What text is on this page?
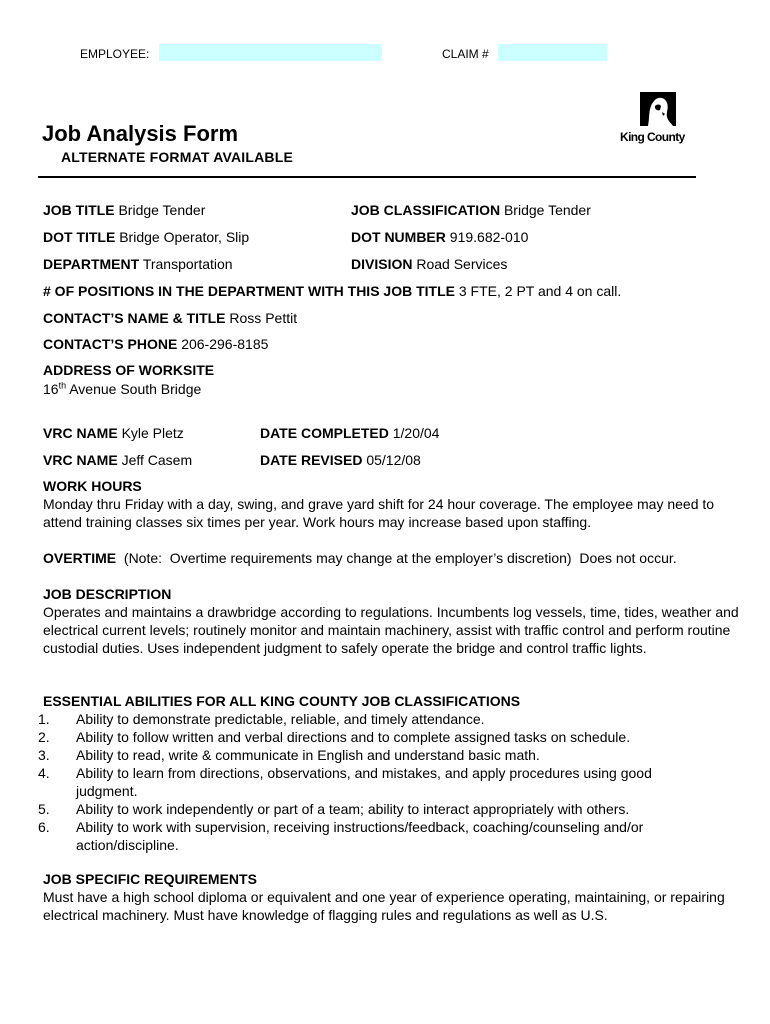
EMPLOYEE:	CLAIM #
King County
Job Analysis Form
ALTERNATE FORMAT AVAILABLE
JOB TITLE Bridge Tender	JOB CLASSIFICATION Bridge Tender
DOT TITLE Bridge Operator, Slip	DOT NUMBER 919.682-010
DEPARTMENT Transportation	DIVISION Road Services
# OF POSITIONS IN THE DEPARTMENT WITH THIS JOB TITLE 3 FTE, 2 PT and 4 on call.
CONTACT’S NAME & TITLE Ross Pettit
CONTACT’S PHONE 206-296-8185
ADDRESS OF WORKSITE
16th Avenue South Bridge
VRC NAME Kyle Pletz	DATE COMPLETED 1/20/04
VRC NAME Jeff Casem	DATE REVISED 05/12/08
WORK HOURS
Monday thru Friday with a day, swing, and grave yard shift for 24 hour coverage. The employee may need to attend training classes six times per year. Work hours may increase based upon staffing.
OVERTIME  (Note:  Overtime requirements may change at the employer’s discretion)  Does not occur.
JOB DESCRIPTION
Operates and maintains a drawbridge according to regulations. Incumbents log vessels, time, tides, weather and electrical current levels; routinely monitor and maintain machinery, assist with traffic control and perform routine custodial duties. Uses independent judgment to safely operate the bridge and control traffic lights.
ESSENTIAL ABILITIES FOR ALL KING COUNTY JOB CLASSIFICATIONS
1. Ability to demonstrate predictable, reliable, and timely attendance.
2. Ability to follow written and verbal directions and to complete assigned tasks on schedule.
3. Ability to read, write & communicate in English and understand basic math.
4. Ability to learn from directions, observations, and mistakes, and apply procedures using good judgment.
5. Ability to work independently or part of a team; ability to interact appropriately with others.
6. Ability to work with supervision, receiving instructions/feedback, coaching/counseling and/or action/discipline.
JOB SPECIFIC REQUIREMENTS
Must have a high school diploma or equivalent and one year of experience operating, maintaining, or repairing electrical machinery. Must have knowledge of flagging rules and regulations as well as U.S.
